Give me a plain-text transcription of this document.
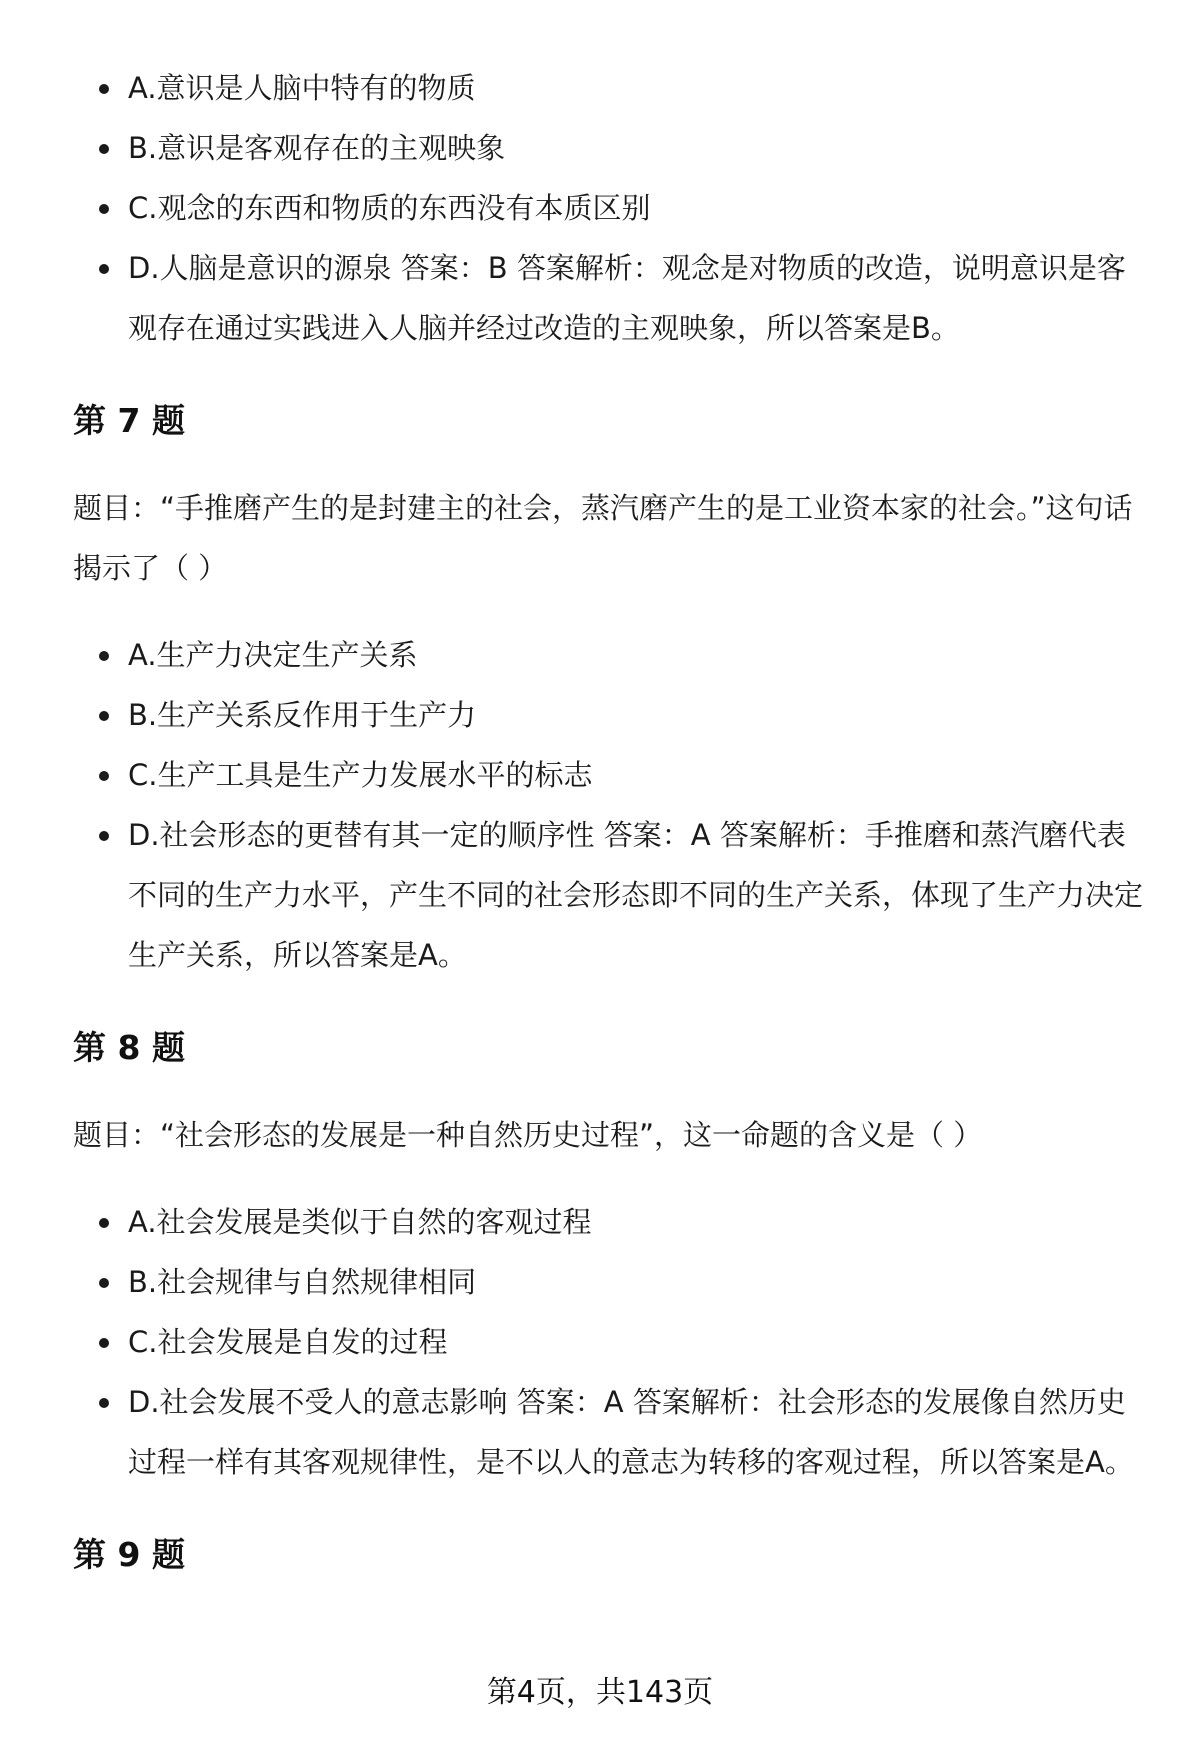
A.意识是人脑中特有的物质
B.意识是客观存在的主观映象
C.观念的东西和物质的东西没有本质区别
D.人脑是意识的源泉 答案：B 答案解析：观念是对物质的改造，说明意识是客观存在通过实践进入人脑并经过改造的主观映象，所以答案是B。
第 7 题

题目：“手推磨产生的是封建主的社会，蒸汽磨产生的是工业资本家的社会。”这句话揭示了（ ）

A.生产力决定生产关系
B.生产关系反作用于生产力
C.生产工具是生产力发展水平的标志
D.社会形态的更替有其一定的顺序性 答案：A 答案解析：手推磨和蒸汽磨代表不同的生产力水平，产生不同的社会形态即不同的生产关系，体现了生产力决定生产关系，所以答案是A。
第 8 题

题目：“社会形态的发展是一种自然历史过程”，这一命题的含义是（ ）

A.社会发展是类似于自然的客观过程
B.社会规律与自然规律相同
C.社会发展是自发的过程
D.社会发展不受人的意志影响 答案：A 答案解析：社会形态的发展像自然历史过程一样有其客观规律性，是不以人的意志为转移的客观过程，所以答案是A。
第 9 题
第4页，共143页
